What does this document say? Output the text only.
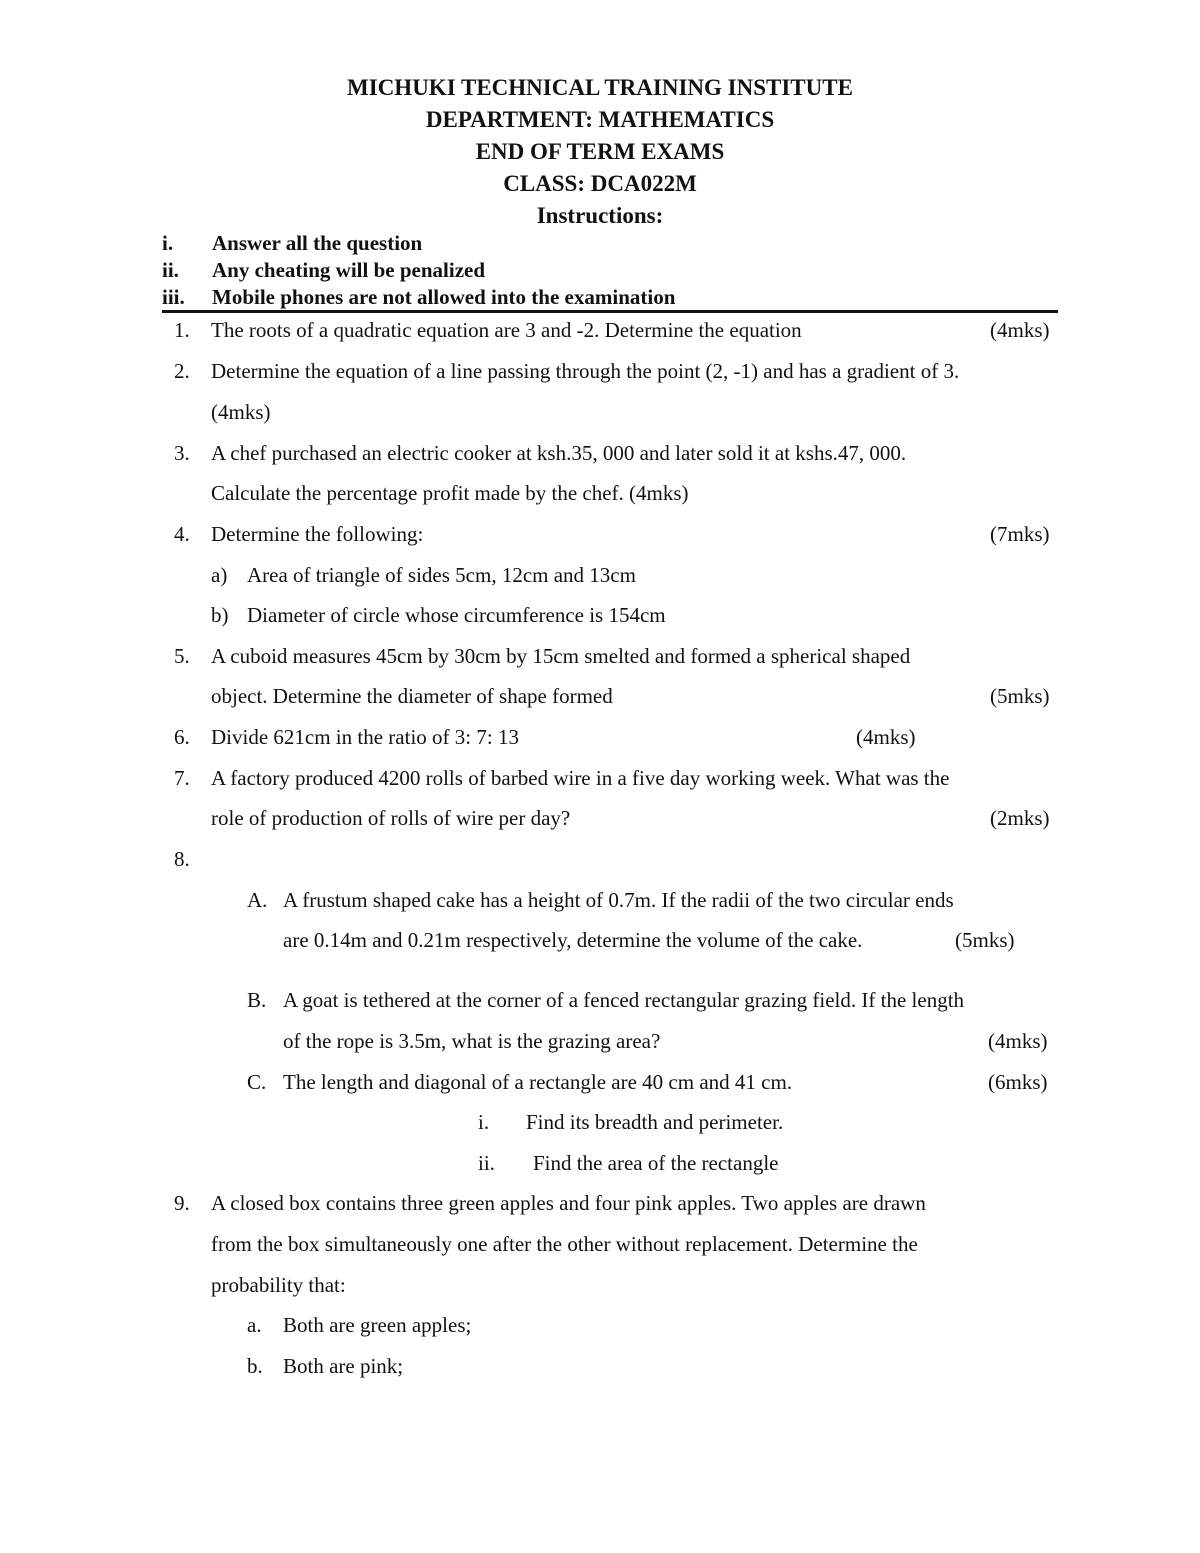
MICHUKI TECHNICAL TRAINING INSTITUTE
DEPARTMENT: MATHEMATICS
END OF TERM EXAMS
CLASS: DCA022M
Instructions:
i. Answer all the question
ii. Any cheating will be penalized
iii. Mobile phones are not allowed into the examination
1. The roots of a quadratic equation are 3 and -2. Determine the equation	(4mks)
2. Determine the equation of a line passing through the point (2, -1) and has a gradient of 3.
(4mks)
3. A chef purchased an electric cooker at ksh.35, 000 and later sold it at kshs.47, 000.
Calculate the percentage profit made by the chef. (4mks)
4. Determine the following:	(7mks)
a) Area of triangle of sides 5cm, 12cm and 13cm
b) Diameter of circle whose circumference is 154cm
5. A cuboid measures 45cm by 30cm by 15cm smelted and formed a spherical shaped
object. Determine the diameter of shape formed	(5mks)
6. Divide 621cm in the ratio of 3: 7: 13	(4mks)
7. A factory produced 4200 rolls of barbed wire in a five day working week. What was the
role of production of rolls of wire per day?	(2mks)
8.
A. A frustum shaped cake has a height of 0.7m. If the radii of the two circular ends
are 0.14m and 0.21m respectively, determine the volume of the cake.	(5mks)
B. A goat is tethered at the corner of a fenced rectangular grazing field. If the length
of the rope is 3.5m, what is the grazing area?	(4mks)
C. The length and diagonal of a rectangle are 40 cm and 41 cm.	(6mks)
i. Find its breadth and perimeter.
ii. Find the area of the rectangle
9. A closed box contains three green apples and four pink apples. Two apples are drawn
from the box simultaneously one after the other without replacement. Determine the
probability that:
a. Both are green apples;
b. Both are pink;
